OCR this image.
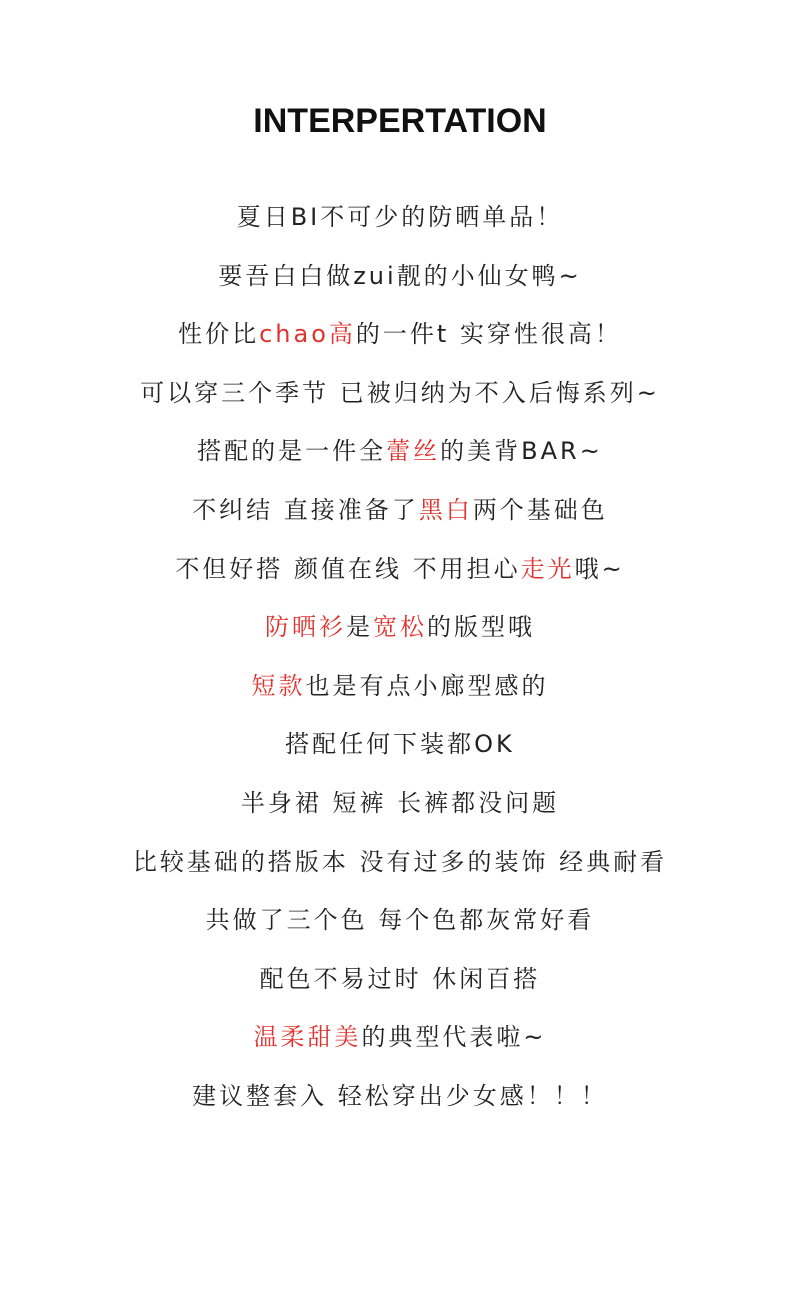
INTERPERTATION
夏日BI不可少的防晒单品！
要吾白白做zui靓的小仙女鸭~
性价比chao高的一件t 实穿性很高！
可以穿三个季节 已被归纳为不入后悔系列~
搭配的是一件全蕾丝的美背BAR~
不纠结 直接准备了黑白两个基础色
不但好搭 颜值在线 不用担心走光哦~
防晒衫是宽松的版型哦
短款也是有点小廊型感的
搭配任何下装都OK
半身裙 短裤 长裤都没问题
比较基础的搭版本 没有过多的装饰 经典耐看
共做了三个色 每个色都灰常好看
配色不易过时 休闲百搭
温柔甜美的典型代表啦~
建议整套入 轻松穿出少女感！！！
